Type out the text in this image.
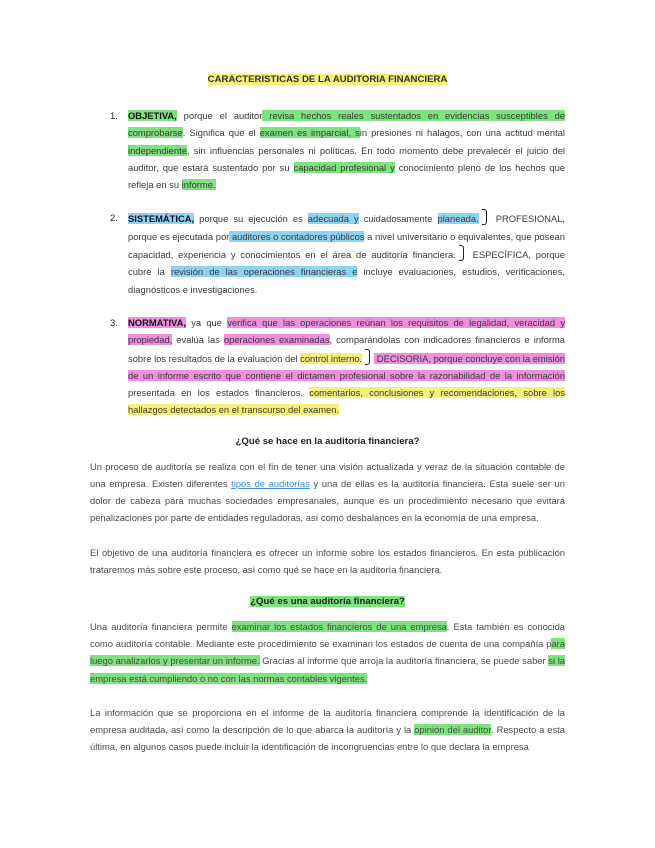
CARACTERISTICAS DE LA AUDITORIA FINANCIERA
1. OBJETIVA, porque el auditor revisa hechos reales sustentados en evidencias susceptibles de comprobarse. Significa que el examen es imparcial, sin presiones ni halagos, con una actitud mental independiente, sin influencias personales ni políticas. En todo momento debe prevalecer el juicio del auditor, que estará sustentado por su capacidad profesional y conocimiento pleno de los hechos que refleja en su informe.

2. SISTEMÁTICA, porque su ejecución es adecuada y cuidadosamente planeada. PROFESIONAL, porque es ejecutada por auditores o contadores públicos a nivel universitario o equivalentes, que posean capacidad, experiencia y conocimientos en el área de auditoría financiera. ESPECÍFICA, porque cubre la revisión de las operaciones financieras e incluye evaluaciones, estudios, verificaciones, diagnósticos e investigaciones.

3. NORMATIVA, ya que verifica que las operaciones reúnan los requisitos de legalidad, veracidad y propiedad, evalúa las operaciones examinadas, comparándolas con indicadores financieros e informa sobre los resultados de la evaluación del control interno. DECISORIA, porque concluye con la emisión de un informe escrito que contiene el dictamen profesional sobre la razonabilidad de la información presentada en los estados financieros, comentarios, conclusiones y recomendaciones, sobre los hallazgos detectados en el transcurso del examen.

¿Qué se hace en la auditoría financiera?

Un proceso de auditoría se realiza con el fin de tener una visión actualizada y veraz de la situación contable de una empresa. Existen diferentes tipos de auditorías y una de ellas es la auditoría financiera. Esta suele ser un dolor de cabeza para muchas sociedades empresariales, aunque es un procedimiento necesario que evitará penalizaciones por parte de entidades reguladoras, así como desbalances en la economía de una empresa.

El objetivo de una auditoría financiera es ofrecer un informe sobre los estados financieros. En esta publicación trataremos más sobre este proceso, así como qué se hace en la auditoría financiera.

¿Qué es una auditoría financiera?

Una auditoría financiera permite examinar los estados financieros de una empresa. Esta también es conocida como auditoría contable. Mediante este procedimiento se examinan los estados de cuenta de una compañía para luego analizarlos y presentar un informe. Gracias al informe que arroja la auditoría financiera, se puede saber si la empresa está cumpliendo o no con las normas contables vigentes.

La información que se proporciona en el informe de la auditoría financiera comprende la identificación de la empresa auditada, así como la descripción de lo que abarca la auditoría y la opinión del auditor. Respecto a esta última, en algunos casos puede incluir la identificación de incongruencias entre lo que declara la empresa
